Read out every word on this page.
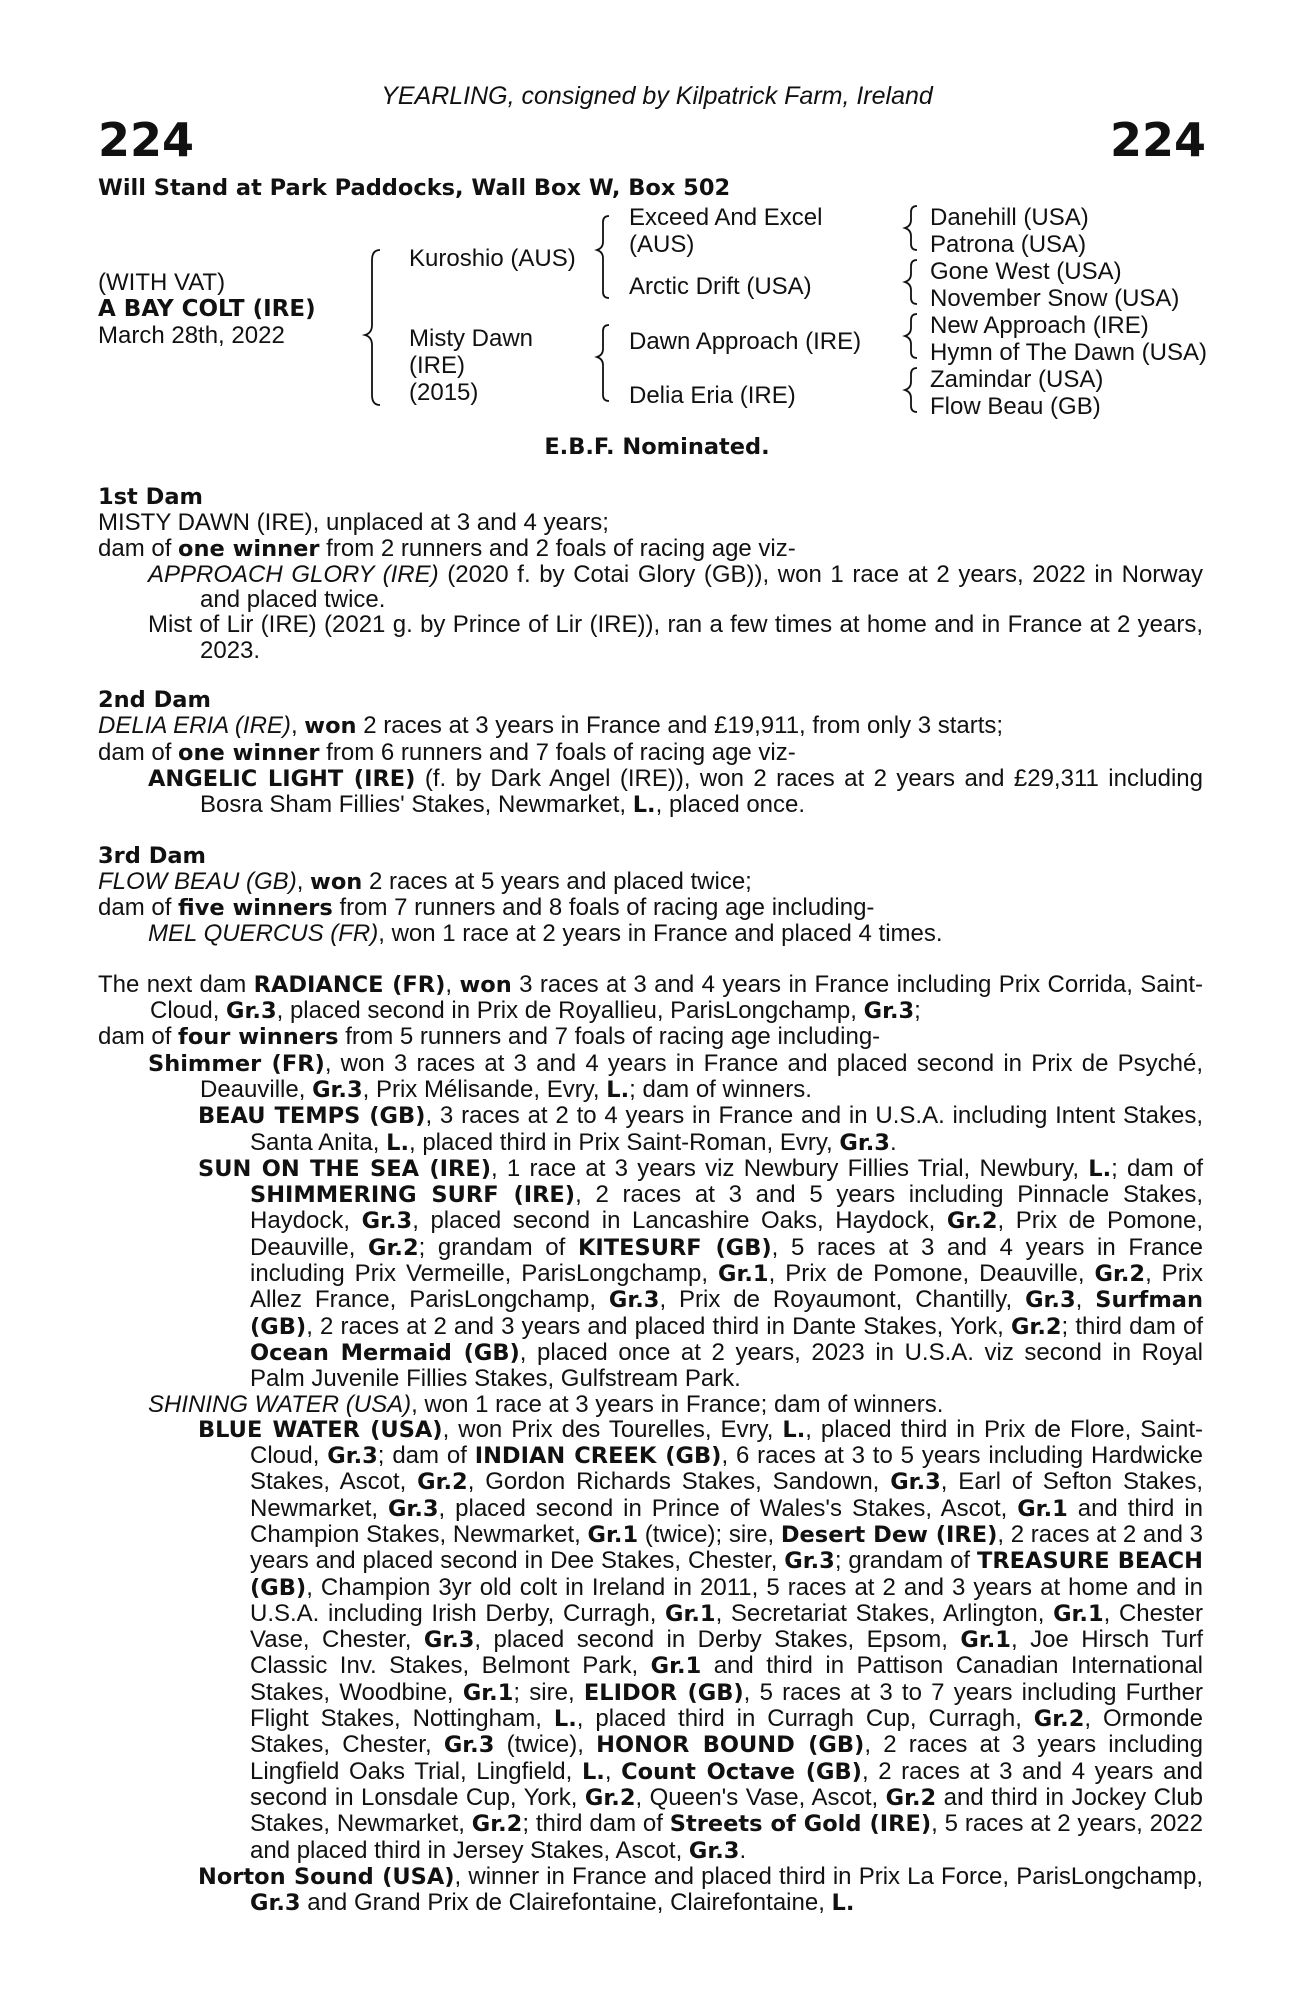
YEARLING, consigned by Kilpatrick Farm, Ireland
224	224
Will Stand at Park Paddocks, Wall Box W, Box 502
(WITH VAT)
A BAY COLT (IRE)
March 28th, 2022
Kuroshio (AUS)
Misty Dawn
(IRE)
(2015)
Exceed And Excel
(AUS)
Arctic Drift (USA)
Dawn Approach (IRE)
Delia Eria (IRE)
Danehill (USA)
Patrona (USA)
Gone West (USA)
November Snow (USA)
New Approach (IRE)
Hymn of The Dawn (USA)
Zamindar (USA)
Flow Beau (GB)
E.B.F. Nominated.
1st Dam
MISTY DAWN (IRE), unplaced at 3 and 4 years;
dam of one winner from 2 runners and 2 foals of racing age viz-
APPROACH GLORY (IRE) (2020 f. by Cotai Glory (GB)), won 1 race at 2 years, 2022 in Norway and placed twice.
Mist of Lir (IRE) (2021 g. by Prince of Lir (IRE)), ran a few times at home and in France at 2 years, 2023.
2nd Dam
DELIA ERIA (IRE), won 2 races at 3 years in France and £19,911, from only 3 starts;
dam of one winner from 6 runners and 7 foals of racing age viz-
ANGELIC LIGHT (IRE) (f. by Dark Angel (IRE)), won 2 races at 2 years and £29,311 including Bosra Sham Fillies' Stakes, Newmarket, L., placed once.
3rd Dam
FLOW BEAU (GB), won 2 races at 5 years and placed twice;
dam of five winners from 7 runners and 8 foals of racing age including-
MEL QUERCUS (FR), won 1 race at 2 years in France and placed 4 times.
The next dam RADIANCE (FR), won 3 races at 3 and 4 years in France including Prix Corrida, Saint-Cloud, Gr.3, placed second in Prix de Royallieu, ParisLongchamp, Gr.3;
dam of four winners from 5 runners and 7 foals of racing age including-
Shimmer (FR), won 3 races at 3 and 4 years in France and placed second in Prix de Psyché, Deauville, Gr.3, Prix Mélisande, Evry, L.; dam of winners.
BEAU TEMPS (GB), 3 races at 2 to 4 years in France and in U.S.A. including Intent Stakes, Santa Anita, L., placed third in Prix Saint-Roman, Evry, Gr.3.
SUN ON THE SEA (IRE), 1 race at 3 years viz Newbury Fillies Trial, Newbury, L.; dam of SHIMMERING SURF (IRE), 2 races at 3 and 5 years including Pinnacle Stakes, Haydock, Gr.3, placed second in Lancashire Oaks, Haydock, Gr.2, Prix de Pomone, Deauville, Gr.2; grandam of KITESURF (GB), 5 races at 3 and 4 years in France including Prix Vermeille, ParisLongchamp, Gr.1, Prix de Pomone, Deauville, Gr.2, Prix Allez France, ParisLongchamp, Gr.3, Prix de Royaumont, Chantilly, Gr.3, Surfman (GB), 2 races at 2 and 3 years and placed third in Dante Stakes, York, Gr.2; third dam of Ocean Mermaid (GB), placed once at 2 years, 2023 in U.S.A. viz second in Royal Palm Juvenile Fillies Stakes, Gulfstream Park.
SHINING WATER (USA), won 1 race at 3 years in France; dam of winners.
BLUE WATER (USA), won Prix des Tourelles, Evry, L., placed third in Prix de Flore, Saint-Cloud, Gr.3; dam of INDIAN CREEK (GB), 6 races at 3 to 5 years including Hardwicke Stakes, Ascot, Gr.2, Gordon Richards Stakes, Sandown, Gr.3, Earl of Sefton Stakes, Newmarket, Gr.3, placed second in Prince of Wales's Stakes, Ascot, Gr.1 and third in Champion Stakes, Newmarket, Gr.1 (twice); sire, Desert Dew (IRE), 2 races at 2 and 3 years and placed second in Dee Stakes, Chester, Gr.3; grandam of TREASURE BEACH (GB), Champion 3yr old colt in Ireland in 2011, 5 races at 2 and 3 years at home and in U.S.A. including Irish Derby, Curragh, Gr.1, Secretariat Stakes, Arlington, Gr.1, Chester Vase, Chester, Gr.3, placed second in Derby Stakes, Epsom, Gr.1, Joe Hirsch Turf Classic Inv. Stakes, Belmont Park, Gr.1 and third in Pattison Canadian International Stakes, Woodbine, Gr.1; sire, ELIDOR (GB), 5 races at 3 to 7 years including Further Flight Stakes, Nottingham, L., placed third in Curragh Cup, Curragh, Gr.2, Ormonde Stakes, Chester, Gr.3 (twice), HONOR BOUND (GB), 2 races at 3 years including Lingfield Oaks Trial, Lingfield, L., Count Octave (GB), 2 races at 3 and 4 years and second in Lonsdale Cup, York, Gr.2, Queen's Vase, Ascot, Gr.2 and third in Jockey Club Stakes, Newmarket, Gr.2; third dam of Streets of Gold (IRE), 5 races at 2 years, 2022 and placed third in Jersey Stakes, Ascot, Gr.3.
Norton Sound (USA), winner in France and placed third in Prix La Force, ParisLongchamp, Gr.3 and Grand Prix de Clairefontaine, Clairefontaine, L.
